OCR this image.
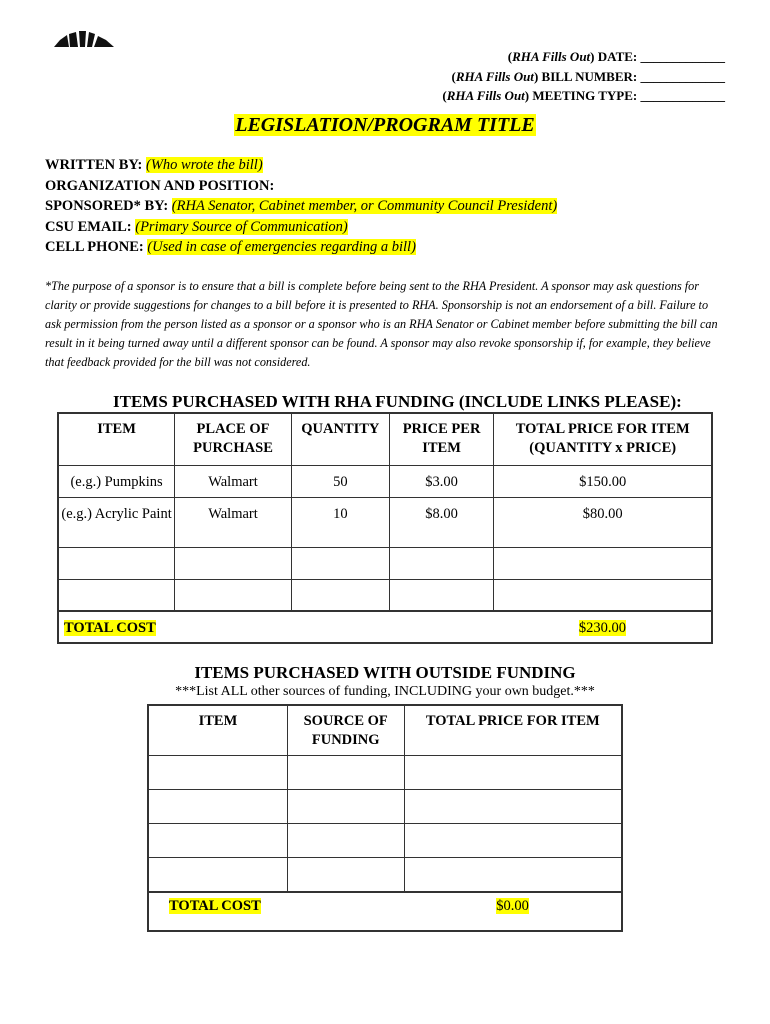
(RHA Fills Out) DATE: _____________
(RHA Fills Out) BILL NUMBER: _____________
(RHA Fills Out) MEETING TYPE: _____________
LEGISLATION/PROGRAM TITLE
WRITTEN BY: (Who wrote the bill)
ORGANIZATION AND POSITION:
SPONSORED* BY: (RHA Senator, Cabinet member, or Community Council President)
CSU EMAIL: (Primary Source of Communication)
CELL PHONE: (Used in case of emergencies regarding a bill)
*The purpose of a sponsor is to ensure that a bill is complete before being sent to the RHA President. A sponsor may ask questions for clarity or provide suggestions for changes to a bill before it is presented to RHA. Sponsorship is not an endorsement of a bill. Failure to ask permission from the person listed as a sponsor or a sponsor who is an RHA Senator or Cabinet member before submitting the bill can result in it being turned away until a different sponsor can be found. A sponsor may also revoke sponsorship if, for example, they believe that feedback provided for the bill was not considered.
ITEMS PURCHASED WITH RHA FUNDING (INCLUDE LINKS PLEASE):
ITEM	PLACE OF PURCHASE	QUANTITY	PRICE PER ITEM	TOTAL PRICE FOR ITEM (QUANTITY x PRICE)
(e.g.) Pumpkins	Walmart	50	$3.00	$150.00
(e.g.) Acrylic Paint	Walmart	10	$8.00	$80.00

TOTAL COST				$230.00
ITEMS PURCHASED WITH OUTSIDE FUNDING
***List ALL other sources of funding, INCLUDING your own budget.***
ITEM	SOURCE OF FUNDING	TOTAL PRICE FOR ITEM

TOTAL COST		$0.00
